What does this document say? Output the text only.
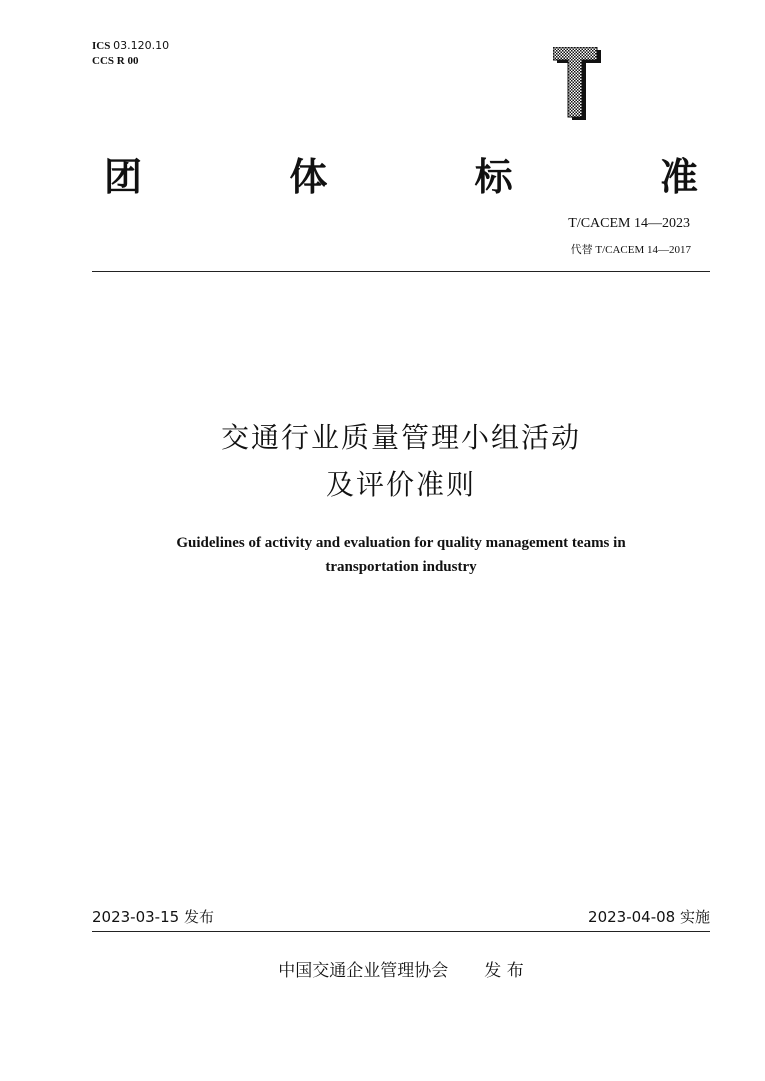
ICS 03.120.10
CCS R 00
团	体	标	准
T/CACEM 14—2023
代替 T/CACEM 14—2017
交通行业质量管理小组活动
及评价准则
Guidelines of activity and evaluation for quality management teams in
transportation industry
2023-03-15 发布	2023-04-08 实施
中国交通企业管理协会 发 布
